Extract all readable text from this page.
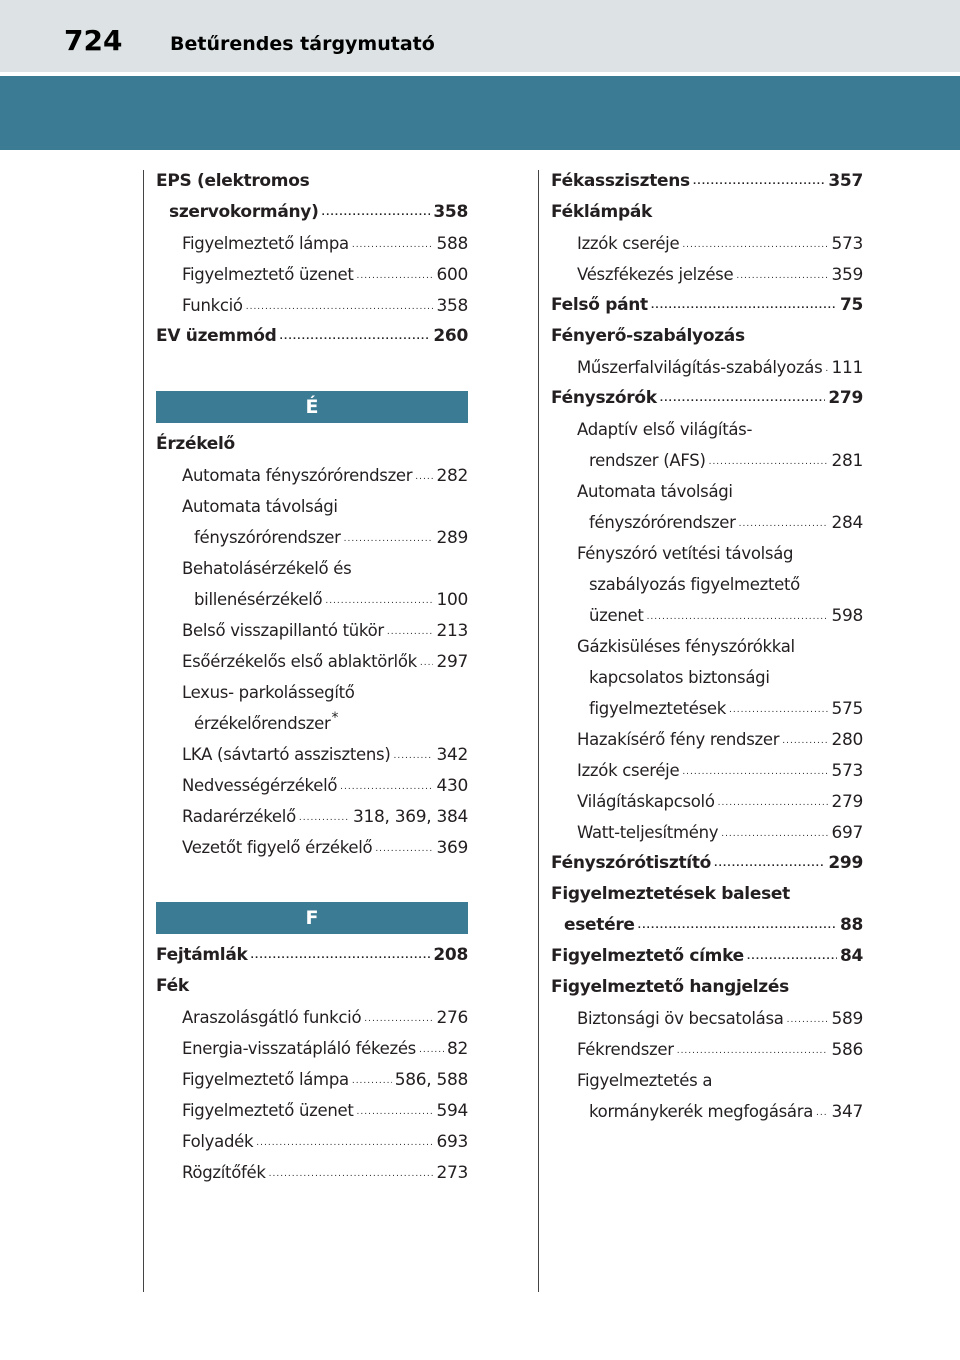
724	Betűrendes tárgymutató
EPS (elektromos
szervokormány) .....	358
Figyelmeztető lámpa .....	588
Figyelmeztető üzenet .....	600
Funkció .....	358
EV üzemmód .....	260
É
Érzékelő
Automata fényszórórendszer ..... 282
Automata távolsági
fényszórórendszer .....	289
Behatolásérzékelő és
billenésérzékelő .....	100
Belső visszapillantó tükör .....	213
Esőérzékelős első ablaktörlők ..... 297
Lexus- parkolássegítő
érzékelőrendszer *
LKA (sávtartó asszisztens) .....	342
Nedvességérzékelő .....	430
Radarérzékelő .....	318, 369, 384
Vezetőt figyelő érzékelő .....	369
F
Fejtámlák .....	208
Fék
Araszolásgátló funkció .....	276
Energia-visszatápláló fékezés ..... 82
Figyelmeztető lámpa .....	586, 588
Figyelmeztető üzenet .....	594
Folyadék .....	693
Rögzítőfék .....	273
Fékasszisztens .....	357
Féklámpák
Izzók cseréje .....	573
Vészfékezés jelzése .....	359
Felső pánt .....	75
Fényerő-szabályozás
Műszerfalvilágítás-szabályozás ..... 111
Fényszórók .....	279
Adaptív első világítás-
rendszer (AFS) .....	281
Automata távolsági
fényszórórendszer .....	284
Fényszóró vetítési távolság
szabályozás figyelmeztető
üzenet .....	598
Gázkisüléses fényszórókkal
kapcsolatos biztonsági
figyelmeztetések .....	575
Hazakísérő fény rendszer .....	280
Izzók cseréje .....	573
Világításkapcsoló .....	279
Watt-teljesítmény .....	697
Fényszórótisztító .....	299
Figyelmeztetések baleset
esetére .....	88
Figyelmeztető címke .....	84
Figyelmeztető hangjelzés
Biztonsági öv becsatolása .....	589
Fékrendszer .....	586
Figyelmeztetés a
kormánykerék megfogására ..... 347
